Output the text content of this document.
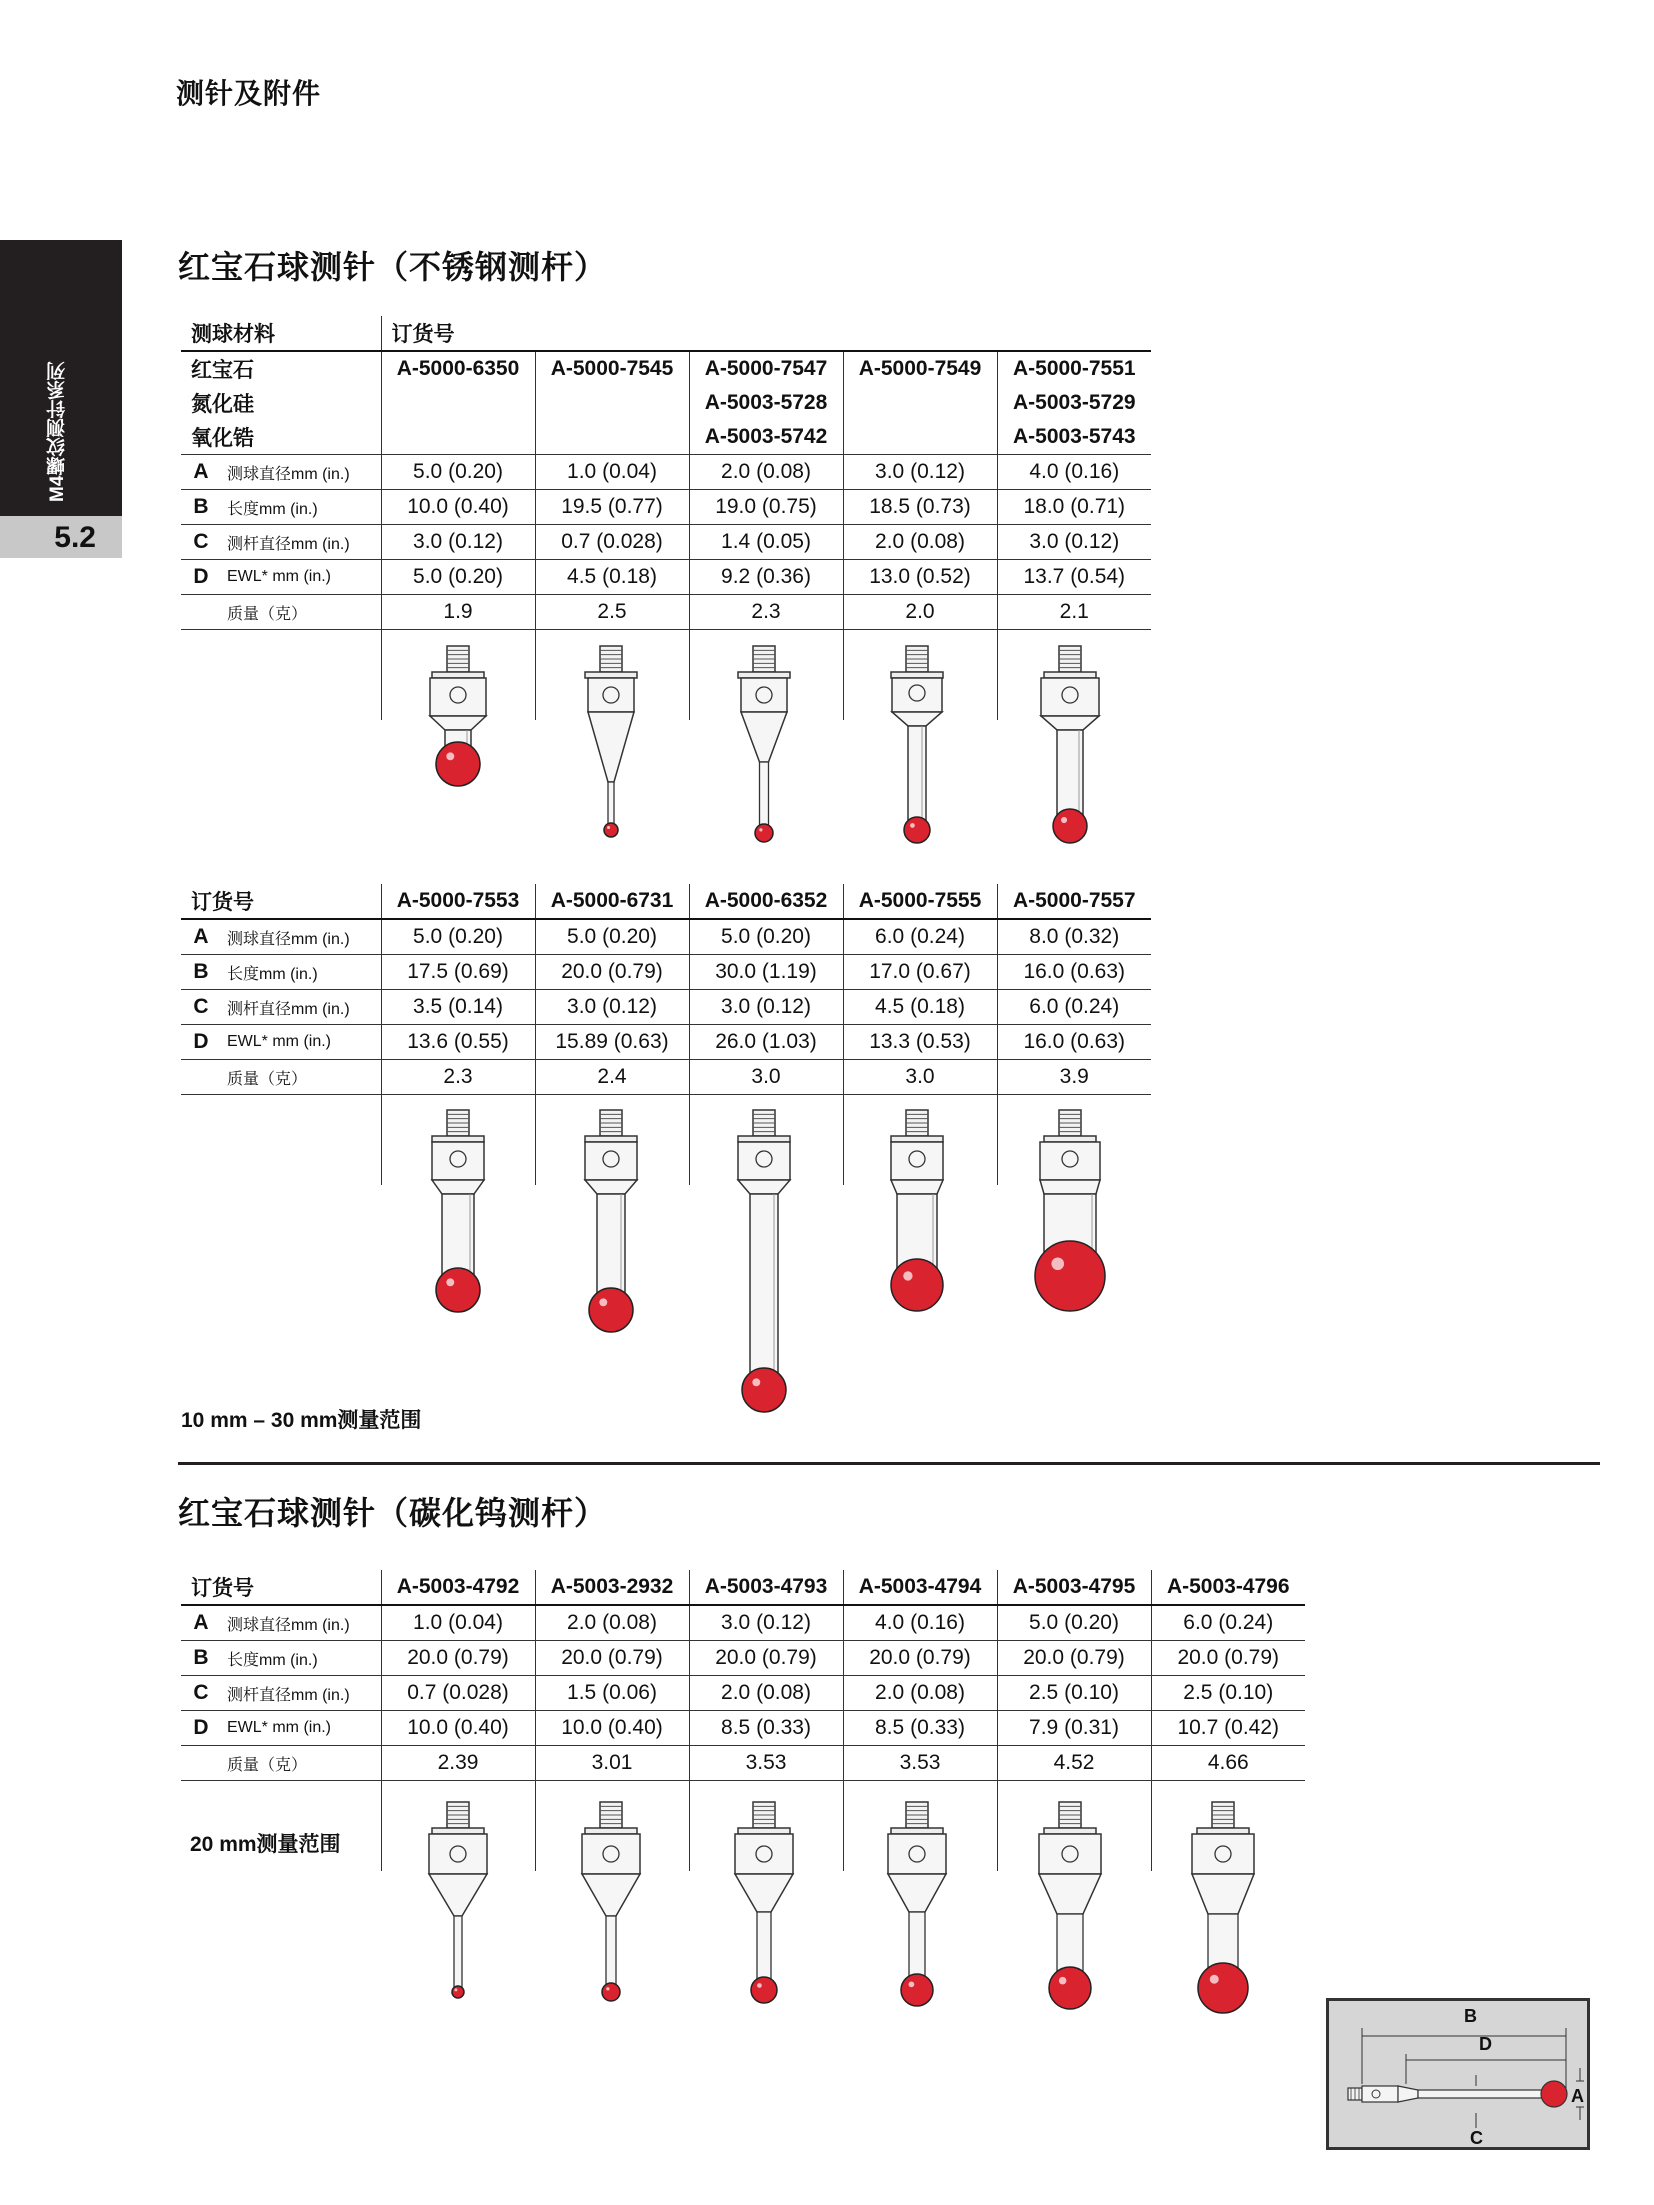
测针及附件
M4螺纹测针系列
5.2
红宝石球测针（不锈钢测杆）
测球材料		订货号				
红宝石		A-5000-6350	A-5000-7545	A-5000-7547	A-5000-7549	A-5000-7551
氮化硅				A-5003-5728		A-5003-5729
氧化锆				A-5003-5742		A-5003-5743
A	测球直径mm (in.)	5.0 (0.20)	1.0 (0.04)	2.0 (0.08)	3.0 (0.12)	4.0 (0.16)
B	长度mm (in.)	10.0 (0.40)	19.5 (0.77)	19.0 (0.75)	18.5 (0.73)	18.0 (0.71)
C	测杆直径mm (in.)	3.0 (0.12)	0.7 (0.028)	1.4 (0.05)	2.0 (0.08)	3.0 (0.12)
D	EWL* mm (in.)	5.0 (0.20)	4.5 (0.18)	9.2 (0.36)	13.0 (0.52)	13.7 (0.54)
	质量（克）	1.9	2.5	2.3	2.0	2.1

订货号		A-5000-7553	A-5000-6731	A-5000-6352	A-5000-7555	A-5000-7557
A	测球直径mm (in.)	5.0 (0.20)	5.0 (0.20)	5.0 (0.20)	6.0 (0.24)	8.0 (0.32)
B	长度mm (in.)	17.5 (0.69)	20.0 (0.79)	30.0 (1.19)	17.0 (0.67)	16.0 (0.63)
C	测杆直径mm (in.)	3.5 (0.14)	3.0 (0.12)	3.0 (0.12)	4.5 (0.18)	6.0 (0.24)
D	EWL* mm (in.)	13.6 (0.55)	15.89 (0.63)	26.0 (1.03)	13.3 (0.53)	16.0 (0.63)
	质量（克）	2.3	2.4	3.0	3.0	3.9

10 mm – 30 mm测量范围
红宝石球测针（碳化钨测杆）
订货号		A-5003-4792	A-5003-2932	A-5003-4793	A-5003-4794	A-5003-4795	A-5003-4796
A	测球直径mm (in.)	1.0 (0.04)	2.0 (0.08)	3.0 (0.12)	4.0 (0.16)	5.0 (0.20)	6.0 (0.24)
B	长度mm (in.)	20.0 (0.79)	20.0 (0.79)	20.0 (0.79)	20.0 (0.79)	20.0 (0.79)	20.0 (0.79)
C	测杆直径mm (in.)	0.7 (0.028)	1.5 (0.06)	2.0 (0.08)	2.0 (0.08)	2.5 (0.10)	2.5 (0.10)
D	EWL* mm (in.)	10.0 (0.40)	10.0 (0.40)	8.5 (0.33)	8.5 (0.33)	7.9 (0.31)	10.7 (0.42)
	质量（克）	2.39	3.01	3.53	3.53	4.52	4.66

20 mm测量范围
B
D
A
C
